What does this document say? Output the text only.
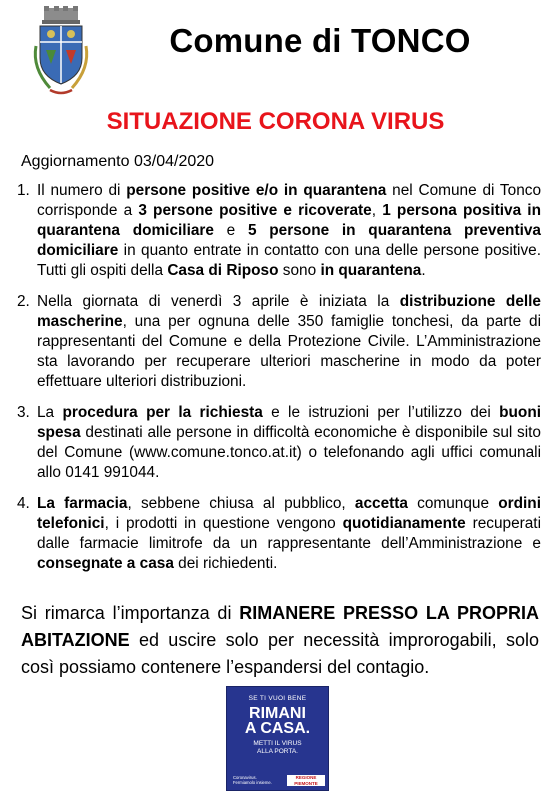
Comune di TONCO
SITUAZIONE CORONA VIRUS
Aggiornamento 03/04/2020
1. Il numero di persone positive e/o in quarantena nel Comune di Tonco corrisponde a 3 persone positive e ricoverate, 1 persona positiva in quarantena domiciliare e 5 persone in quarantena preventiva domiciliare in quanto entrate in contatto con una delle persone positive. Tutti gli ospiti della Casa di Riposo sono in quarantena.
2. Nella giornata di venerdì 3 aprile è iniziata la distribuzione delle mascherine, una per ognuna delle 350 famiglie tonchesi, da parte di rappresentanti del Comune e della Protezione Civile. L’Amministrazione sta lavorando per recuperare ulteriori mascherine in modo da poter effettuare ulteriori distribuzioni.
3. La procedura per la richiesta e le istruzioni per l’utilizzo dei buoni spesa destinati alle persone in difficoltà economiche è disponibile sul sito del Comune (www.comune.tonco.at.it) o telefonando agli uffici comunali allo 0141 991044.
4. La farmacia, sebbene chiusa al pubblico, accetta comunque ordini telefonici, i prodotti in questione vengono quotidianamente recuperati dalle farmacie limitrofe da un rappresentante dell’Amministrazione e consegnate a casa dei richiedenti.
Si rimarca l’importanza di RIMANERE PRESSO LA PROPRIA ABITAZIONE ed uscire solo per necessità improrogabili, solo così possiamo contenere l’espandersi del contagio.
SE TI VUOI BENE
RIMANI
A CASA.
METTI IL VIRUS
ALLA PORTA.
Coronavirus. Fermiamolo insieme.
REGIONE PIEMONTE
